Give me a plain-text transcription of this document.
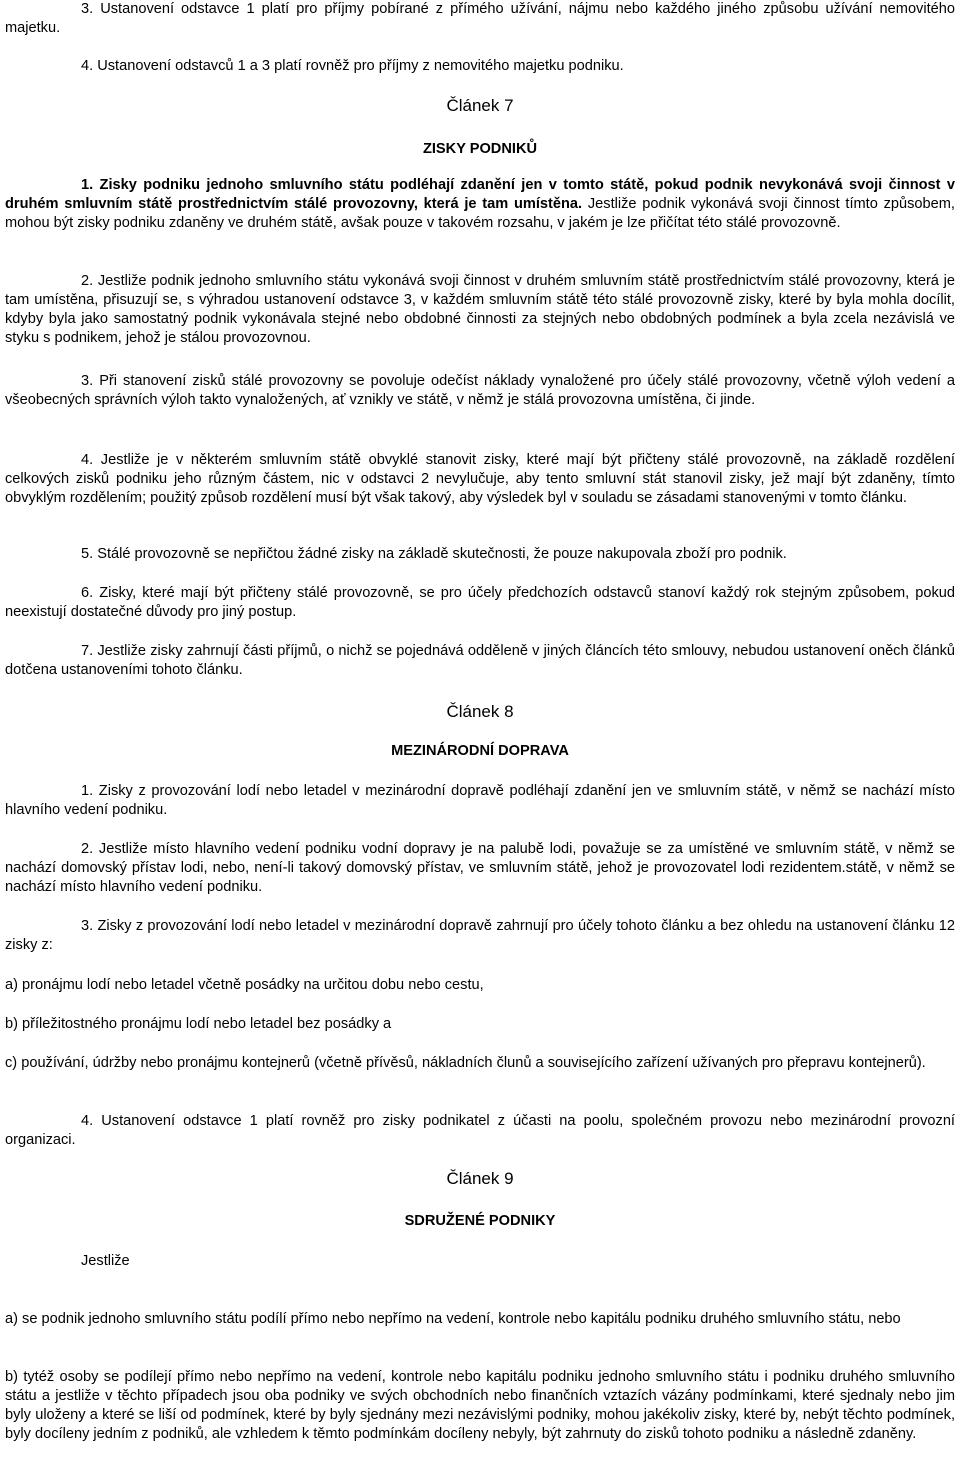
3. Ustanovení odstavce 1 platí pro příjmy pobírané z přímého užívání, nájmu nebo každého jiného způsobu užívání nemovitého majetku.

4. Ustanovení odstavců 1 a 3 platí rovněž pro příjmy z nemovitého majetku podniku.

Článek 7

ZISKY PODNIKŮ

1. Zisky podniku jednoho smluvního státu podléhají zdanění jen v tomto státě, pokud podnik nevykonává svoji činnost v druhém smluvním státě prostřednictvím stálé provozovny, která je tam umístěna. Jestliže podnik vykonává svoji činnost tímto způsobem, mohou být zisky podniku zdaněny ve druhém státě, avšak pouze v takovém rozsahu, v jakém je lze přičítat této stálé provozovně.

2. Jestliže podnik jednoho smluvního státu vykonává svoji činnost v druhém smluvním státě prostřednictvím stálé provozovny, která je tam umístěna, přisuzují se, s výhradou ustanovení odstavce 3, v každém smluvním státě této stálé provozovně zisky, které by byla mohla docílit, kdyby byla jako samostatný podnik vykonávala stejné nebo obdobné činnosti za stejných nebo obdobných podmínek a byla zcela nezávislá ve styku s podnikem, jehož je stálou provozovnou.

3. Při stanovení zisků stálé provozovny se povoluje odečíst náklady vynaložené pro účely stálé provozovny, včetně výloh vedení a všeobecných správních výloh takto vynaložených, ať vznikly ve státě, v němž je stálá provozovna umístěna, či jinde.

4. Jestliže je v některém smluvním státě obvyklé stanovit zisky, které mají být přičteny stálé provozovně, na základě rozdělení celkových zisků podniku jeho různým částem, nic v odstavci 2 nevylučuje, aby tento smluvní stát stanovil zisky, jež mají být zdaněny, tímto obvyklým rozdělením; použitý způsob rozdělení musí být však takový, aby výsledek byl v souladu se zásadami stanovenými v tomto článku.

5. Stálé provozovně se nepřičtou žádné zisky na základě skutečnosti, že pouze nakupovala zboží pro podnik.

6. Zisky, které mají být přičteny stálé provozovně, se pro účely předchozích odstavců stanoví každý rok stejným způsobem, pokud neexistují dostatečné důvody pro jiný postup.

7. Jestliže zisky zahrnují části příjmů, o nichž se pojednává odděleně v jiných článcích této smlouvy, nebudou ustanovení oněch článků dotčena ustanoveními tohoto článku.

Článek 8

MEZINÁRODNÍ DOPRAVA

1. Zisky z provozování lodí nebo letadel v mezinárodní dopravě podléhají zdanění jen ve smluvním státě, v němž se nachází místo hlavního vedení podniku.

2. Jestliže místo hlavního vedení podniku vodní dopravy je na palubě lodi, považuje se za umístěné ve smluvním státě, v němž se nachází domovský přístav lodi, nebo, není-li takový domovský přístav, ve smluvním státě, jehož je provozovatel lodi rezidentem.státě, v němž se nachází místo hlavního vedení podniku.

3. Zisky z provozování lodí nebo letadel v mezinárodní dopravě zahrnují pro účely tohoto článku a bez ohledu na ustanovení článku 12 zisky z:

a) pronájmu lodí nebo letadel včetně posádky na určitou dobu nebo cestu,

b) příležitostného pronájmu lodí nebo letadel bez posádky a

c) používání, údržby nebo pronájmu kontejnerů (včetně přívěsů, nákladních člunů a souvisejícího zařízení užívaných pro přepravu kontejnerů).

4. Ustanovení odstavce 1 platí rovněž pro zisky podnikatel z účasti na poolu, společném provozu nebo mezinárodní provozní organizaci.

Článek 9

SDRUŽENÉ PODNIKY

Jestliže

a) se podnik jednoho smluvního státu podílí přímo nebo nepřímo na vedení, kontrole nebo kapitálu podniku druhého smluvního státu, nebo

b) tytéž osoby se podílejí přímo nebo nepřímo na vedení, kontrole nebo kapitálu podniku jednoho smluvního státu i podniku druhého smluvního státu a jestliže v těchto případech jsou oba podniky ve svých obchodních nebo finančních vztazích vázány podmínkami, které sjednaly nebo jim byly uloženy a které se liší od podmínek, které by byly sjednány mezi nezávislými podniky, mohou jakékoliv zisky, které by, nebýt těchto podmínek, byly docíleny jedním z podniků, ale vzhledem k těmto podmínkám docíleny nebyly, být zahrnuty do zisků tohoto podniku a následně zdaněny.
